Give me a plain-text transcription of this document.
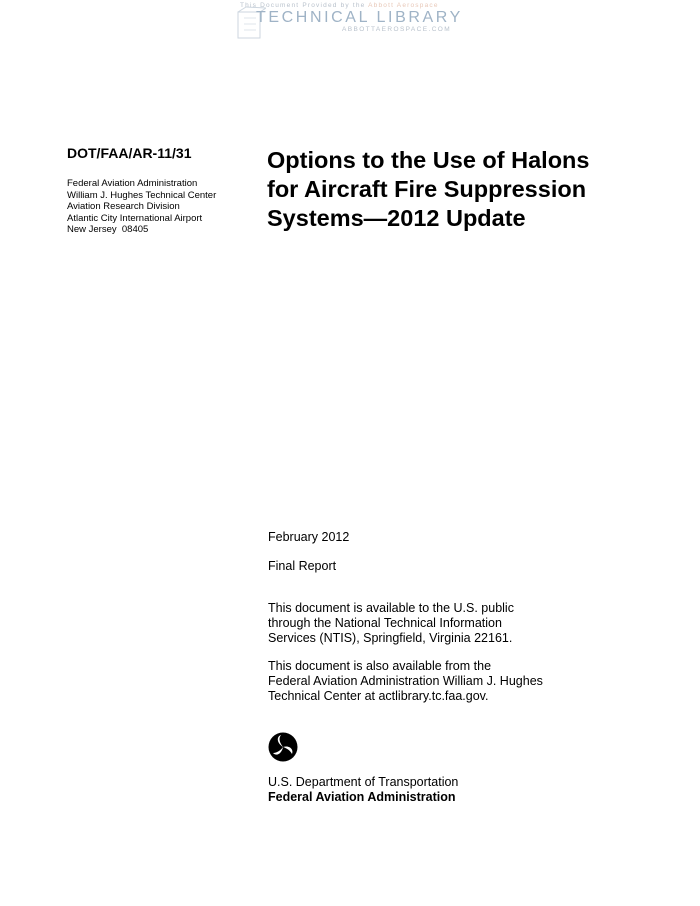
This Document Provided by the Abbott Aerospace
TECHNICAL LIBRARY
ABBOTTAEROSPACE.COM
DOT/FAA/AR-11/31
Federal Aviation Administration
William J. Hughes Technical Center
Aviation Research Division
Atlantic City International Airport
New Jersey  08405
Options to the Use of Halons
for Aircraft Fire Suppression
Systems—2012 Update
February 2012
Final Report
This document is available to the U.S. public
through the National Technical Information
Services (NTIS), Springfield, Virginia 22161.
This document is also available from the
Federal Aviation Administration William J. Hughes
Technical Center at actlibrary.tc.faa.gov.
U.S. Department of Transportation
Federal Aviation Administration
